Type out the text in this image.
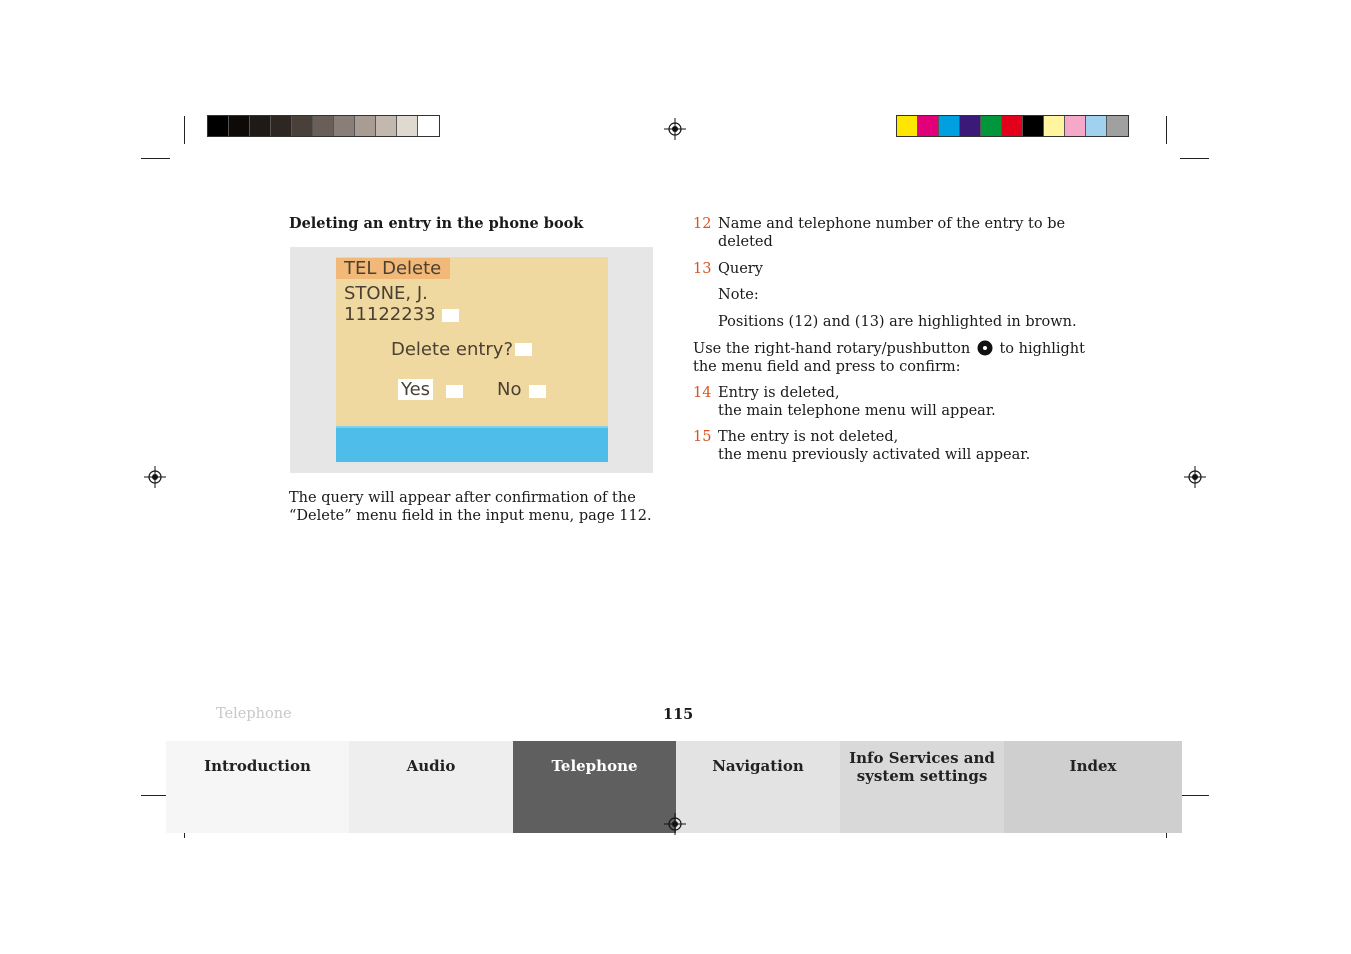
Deleting an entry in the phone book
TEL Delete
STONE, J.
11122233
Delete entry?
Yes	No
The query will appear after confirmation of the
“Delete” menu field in the input menu, page 112.
12 Name and telephone number of the entry to be
deleted
13 Query
Note:
Positions (12) and (13) are highlighted in brown.
Use the right-hand rotary/pushbutton to highlight
the menu field and press to confirm:
14 Entry is deleted,
the main telephone menu will appear.
15 The entry is not deleted,
the menu previously activated will appear.
Telephone	115
Introduction	Audio	Telephone	Navigation	Info Services and
system settings
Index
